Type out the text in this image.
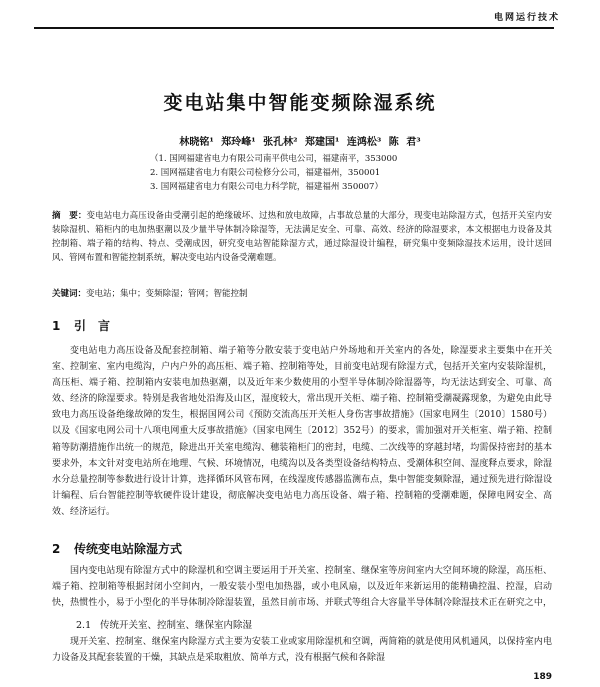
电网运行技术
变电站集中智能变频除湿系统
林晓铭¹ 郑玲峰¹ 张孔林² 郑建国¹ 连鸿松³ 陈 君³
（1. 国网福建省电力有限公司南平供电公司，福建南平，353000
2. 国网福建省电力有限公司检修分公司，福建福州，350001
3. 国网福建省电力有限公司电力科学院，福建福州 350007）
摘　要：变电站电力高压设备由受潮引起的绝缘破坏、过热和放电故障，占事故总量的大部分，现变电站除湿方式，包括开关室内安装除湿机、箱柜内的电加热驱潮以及少量半导体制冷除湿等，无法满足安全、可靠、高效、经济的除湿要求，本文根据电力设备及其控制箱、端子箱的结构、特点、受潮成因，研究变电站智能除湿方式，通过除湿设计编程，研究集中变频除湿技术运用，设计送回风、管网布置和智能控制系统，解决变电站内设备受潮难题。
关键词：变电站；集中；变频除湿；管网；智能控制
1 引　言
变电站电力高压设备及配套控制箱、端子箱等分散安装于变电站户外场地和开关室内的各处，除湿要求主要集中在开关室、控制室、室内电缆沟，户内户外的高压柜、端子箱、控制箱等处，目前变电站现有除湿方式，包括开关室内安装除湿机，高压柜、端子箱、控制箱内安装电加热驱潮，以及近年来少数使用的小型半导体制冷除湿器等，均无法达到安全、可靠、高效、经济的除湿要求。特别是我省地处沿海及山区，湿度较大，常出现开关柜、端子箱、控制箱受潮凝露现象，为避免由此导致电力高压设备绝缘故障的发生，根据国网公司《预防交流高压开关柜人身伤害事故措施》（国家电网生〔2010〕1580号）以及《国家电网公司十八项电网重大反事故措施》（国家电网生〔2012〕352号）的要求，需加强对开关柜室、端子箱、控制箱等防潮措施作出统一的规范，除进出开关室电缆沟、穗装箱柜门的密封，电缆、二次线等的穿越封堵，均需保持密封的基本要求外，本文针对变电站所在地理、气候、环境情况，电缆沟以及各类型设备结构特点、受潮体积空间、湿度释点要求，除湿水分总量控制等参数进行设计计算，选择循环风管布网，在线湿度传感器监测布点，集中智能变频除湿，通过预先进行除湿设计编程、后台智能控制等软硬件设计建设，彻底解决变电站电力高压设备、端子箱、控制箱的受潮难题，保障电网安全、高效、经济运行。
2 传统变电站除湿方式
国内变电站现有除湿方式中的除湿机和空调主要运用于开关室、控制室、继保室等房间室内大空间环境的除湿，高压柜、端子箱、控制箱等根据封闭小空间内，一般安装小型电加热器，或小电风扇，以及近年来新运用的能精确控温、控湿，启动快，热惯性小，易于小型化的半导体制冷除湿装置，虽然目前市场、并联式等组合大容量半导体制冷除湿技术正在研究之中，
2.1 传统开关室、控制室、继保室内除湿
现开关室、控制室、继保室内除湿方式主要为安装工业或家用除湿机和空调，两简箱的就是使用风机通风，以保持室内电力设备及其配套装置的干燥，其缺点是采取粗放、简单方式，没有根据气候和各除湿
189
